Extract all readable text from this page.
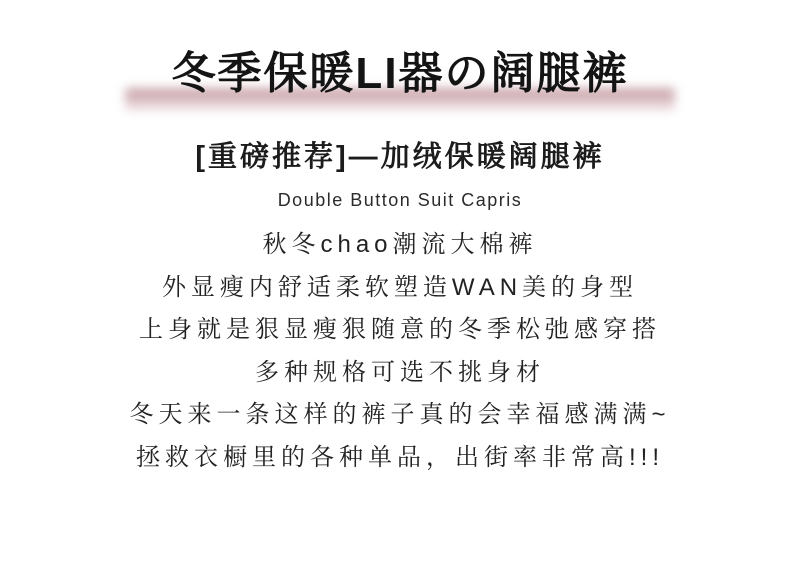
冬季保暖LI器の阔腿裤
[重磅推荐]—加绒保暖阔腿裤
Double Button Suit Capris
秋冬chao潮流大棉裤
外显瘦内舒适柔软塑造WAN美的身型
上身就是狠显瘦狠随意的冬季松弛感穿搭
多种规格可选不挑身材
冬天来一条这样的裤子真的会幸福感满满~
拯救衣橱里的各种单品，出街率非常高!!!
